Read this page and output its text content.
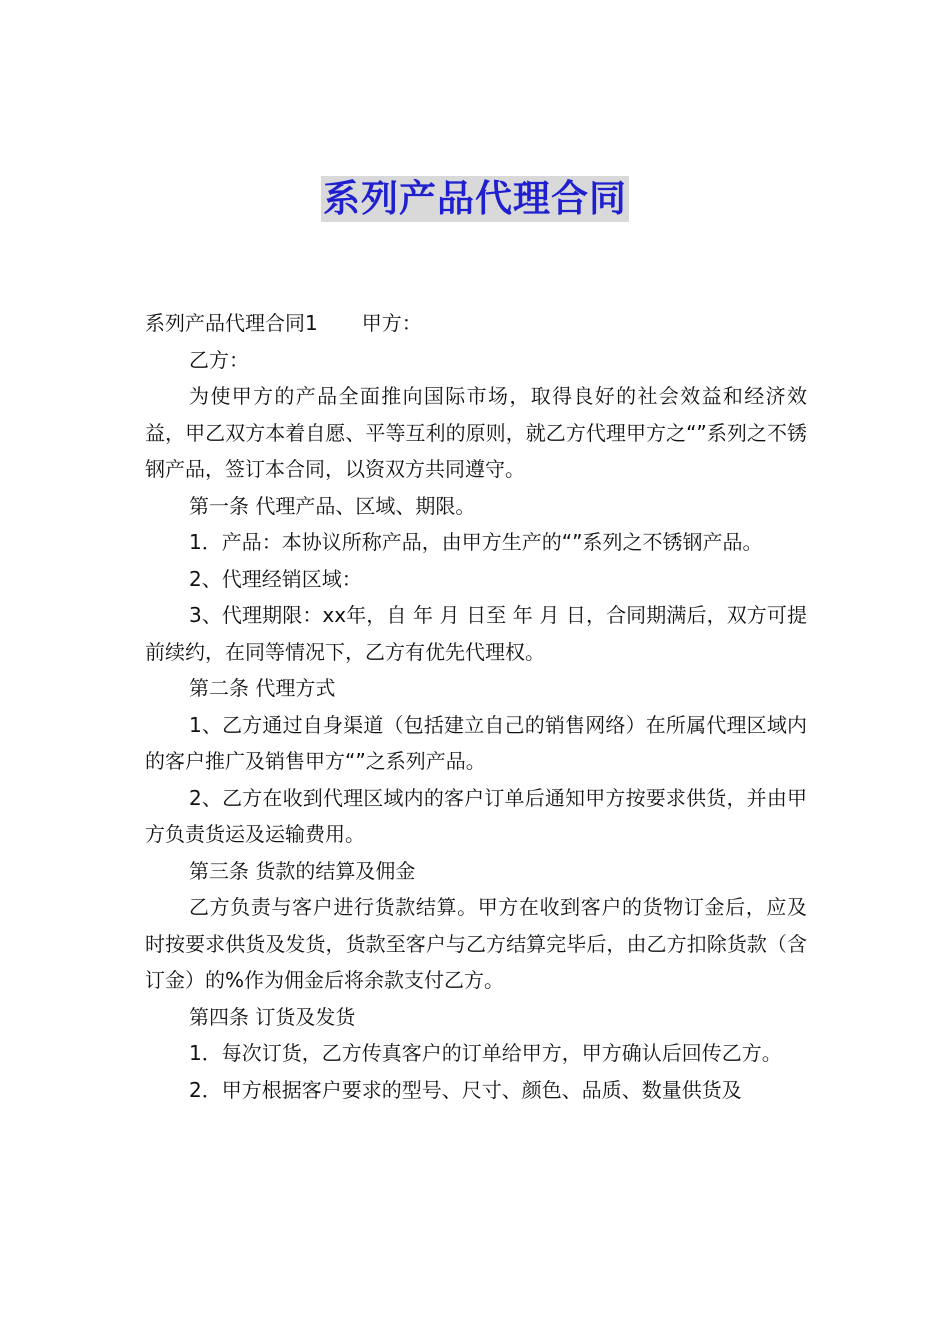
系列产品代理合同

系列产品代理合同1 甲方：

乙方：

为使甲方的产品全面推向国际市场，取得良好的社会效益和经济效益，甲乙双方本着自愿、平等互利的原则，就乙方代理甲方之“”系列之不锈钢产品，签订本合同，以资双方共同遵守。

第一条 代理产品、区域、期限。

1．产品：本协议所称产品，由甲方生产的“”系列之不锈钢产品。

2、代理经销区域：

3、代理期限：xx年，自 年 月 日至 年 月 日，合同期满后，双方可提前续约，在同等情况下，乙方有优先代理权。

第二条 代理方式

1、乙方通过自身渠道（包括建立自己的销售网络）在所属代理区域内的客户推广及销售甲方“”之系列产品。

2、乙方在收到代理区域内的客户订单后通知甲方按要求供货，并由甲方负责货运及运输费用。

第三条 货款的结算及佣金

乙方负责与客户进行货款结算。甲方在收到客户的货物订金后，应及时按要求供货及发货，货款至客户与乙方结算完毕后，由乙方扣除货款（含订金）的%作为佣金后将余款支付乙方。

第四条 订货及发货

1．每次订货，乙方传真客户的订单给甲方，甲方确认后回传乙方。

2．甲方根据客户要求的型号、尺寸、颜色、品质、数量供货及
